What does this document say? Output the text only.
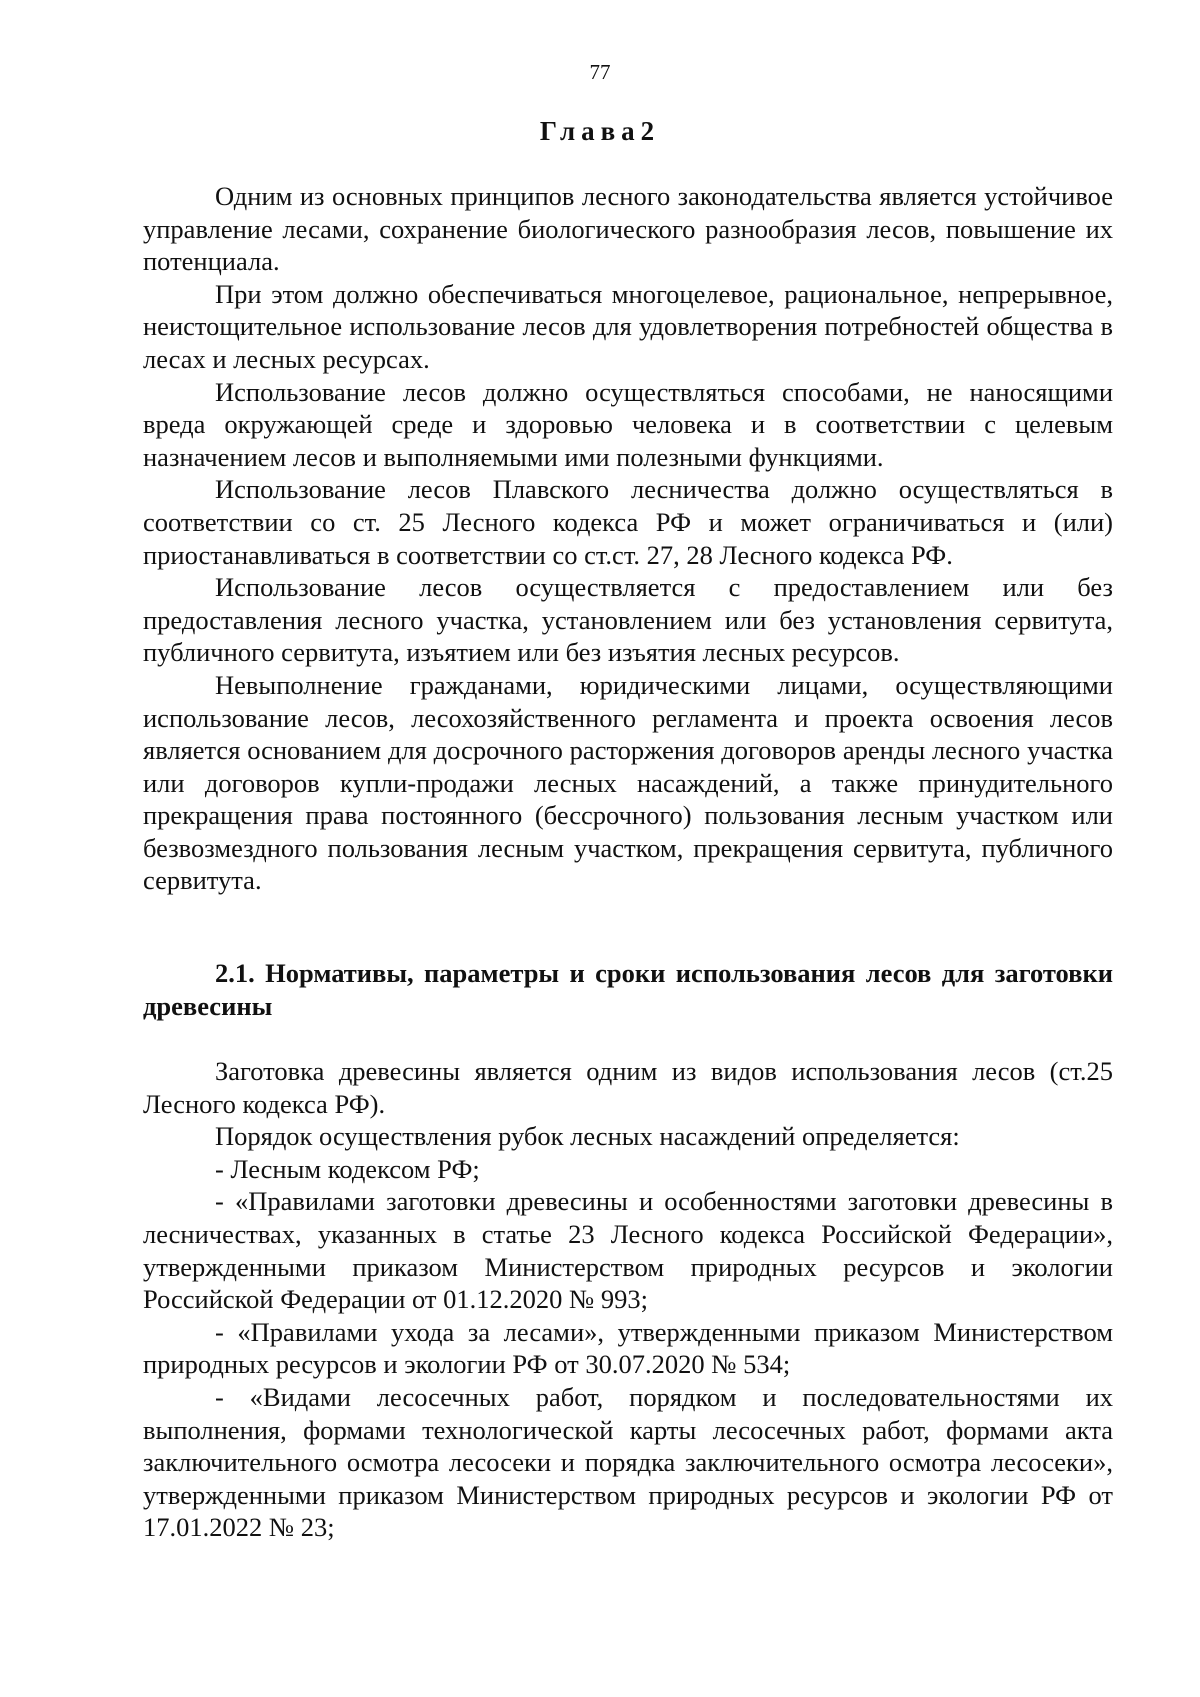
77
Глава2

Одним из основных принципов лесного законодательства является устойчивое управление лесами, сохранение биологического разнообразия лесов, повышение их потенциала.

При этом должно обеспечиваться многоцелевое, рациональное, непрерывное, неистощительное использование лесов для удовлетворения потребностей общества в лесах и лесных ресурсах.

Использование лесов должно осуществляться способами, не наносящими вреда окружающей среде и здоровью человека и в соответствии с целевым назначением лесов и выполняемыми ими полезными функциями.

Использование лесов Плавского лесничества должно осуществляться в соответствии со ст. 25 Лесного кодекса РФ и может ограничиваться и (или) приостанавливаться в соответствии со ст.ст. 27, 28 Лесного кодекса РФ.

Использование лесов осуществляется с предоставлением или без предоставления лесного участка, установлением или без установления сервитута, публичного сервитута, изъятием или без изъятия лесных ресурсов.

Невыполнение гражданами, юридическими лицами, осуществляющими использование лесов, лесохозяйственного регламента и проекта освоения лесов является основанием для досрочного расторжения договоров аренды лесного участка или договоров купли-продажи лесных насаждений, а также принудительного прекращения права постоянного (бессрочного) пользования лесным участком или безвозмездного пользования лесным участком, прекращения сервитута, публичного сервитута.

2.1. Нормативы, параметры и сроки использования лесов для заготовки древесины

Заготовка древесины является одним из видов использования лесов (ст.25 Лесного кодекса РФ).

Порядок осуществления рубок лесных насаждений определяется:

- Лесным кодексом РФ;

- «Правилами заготовки древесины и особенностями заготовки древесины в лесничествах, указанных в статье 23 Лесного кодекса Российской Федерации», утвержденными приказом Министерством природных ресурсов и экологии Российской Федерации от 01.12.2020 № 993;

- «Правилами ухода за лесами», утвержденными приказом Министерством природных ресурсов и экологии РФ от 30.07.2020 № 534;

- «Видами лесосечных работ, порядком и последовательностями их выполнения, формами технологической карты лесосечных работ, формами акта заключительного осмотра лесосеки и порядка заключительного осмотра лесосеки», утвержденными приказом Министерством природных ресурсов и экологии РФ от 17.01.2022 № 23;
